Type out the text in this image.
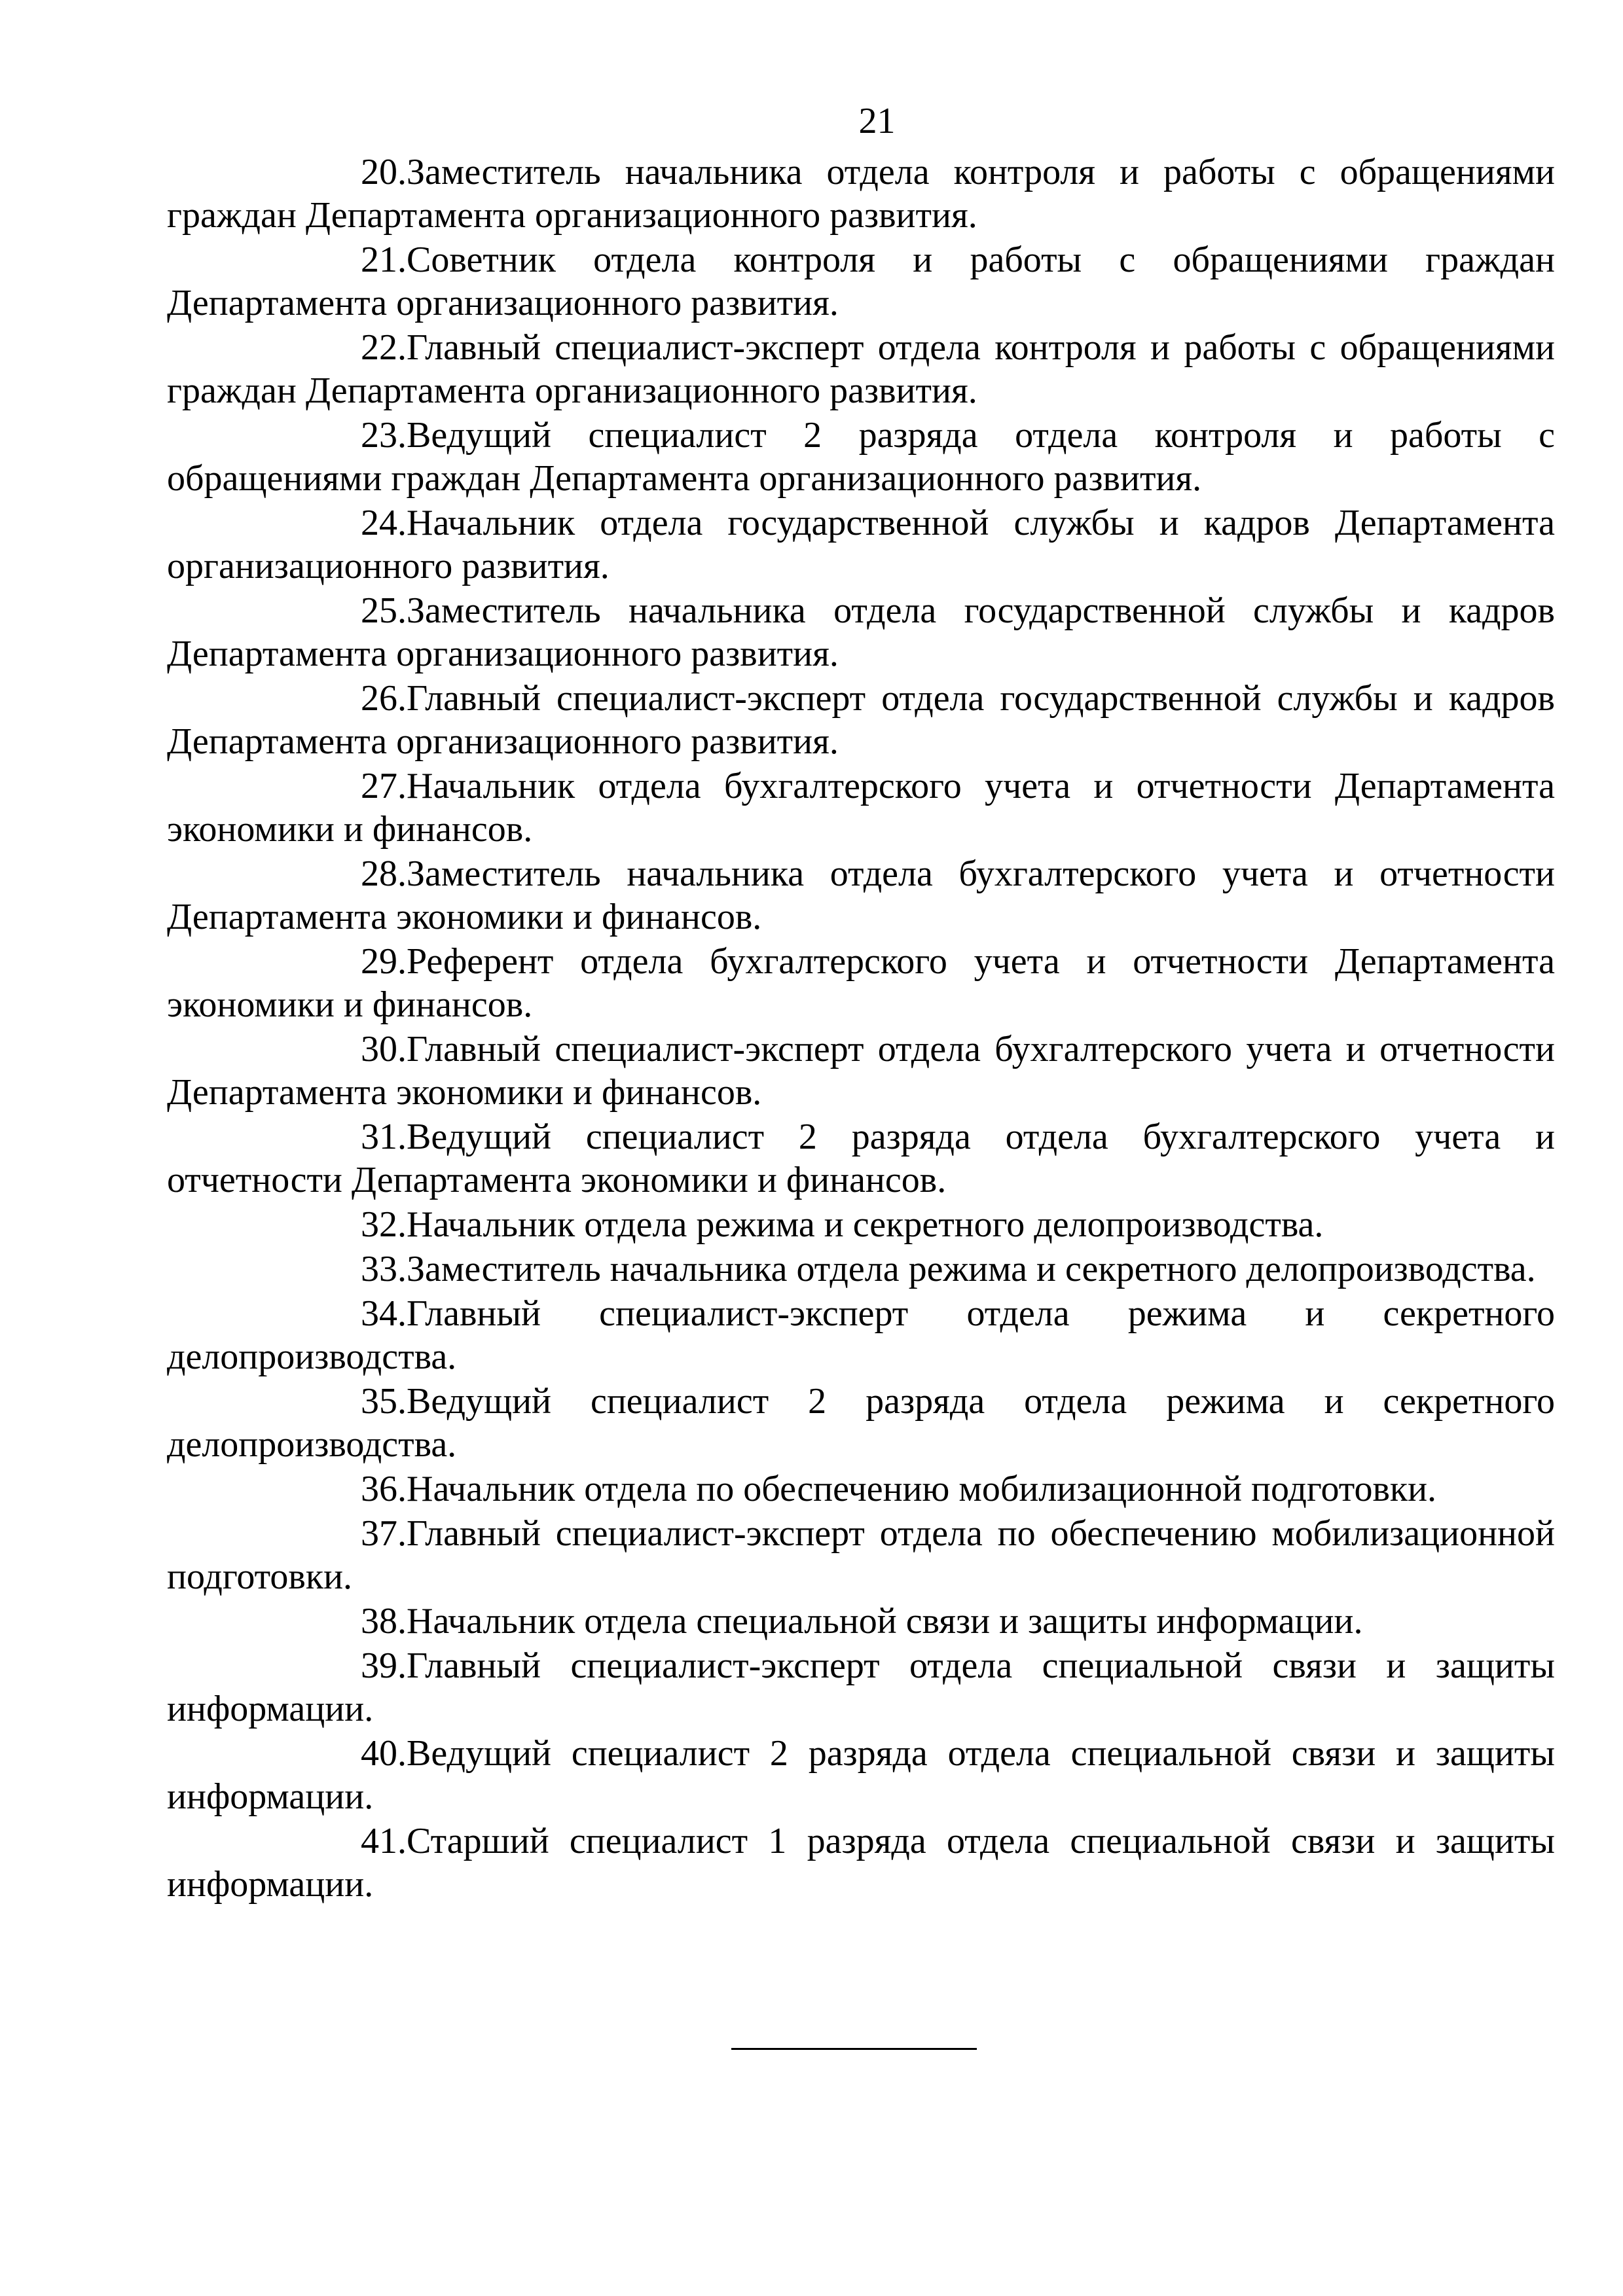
21

20.Заместитель начальника отдела контроля и работы с обращениями граждан Департамента организационного развития.

21.Советник отдела контроля и работы с обращениями граждан Департамента организационного развития.

22.Главный специалист-эксперт отдела контроля и работы с обращениями граждан Департамента организационного развития.

23.Ведущий специалист 2 разряда отдела контроля и работы с обращениями граждан Департамента организационного развития.

24.Начальник отдела государственной службы и кадров Департамента организационного развития.

25.Заместитель начальника отдела государственной службы и кадров Департамента организационного развития.

26.Главный специалист-эксперт отдела государственной службы и кадров Департамента организационного развития.

27.Начальник отдела бухгалтерского учета и отчетности Департамента экономики и финансов.

28.Заместитель начальника отдела бухгалтерского учета и отчетности Департамента экономики и финансов.

29.Референт отдела бухгалтерского учета и отчетности Департамента экономики и финансов.

30.Главный специалист-эксперт отдела бухгалтерского учета и отчетности Департамента экономики и финансов.

31.Ведущий специалист 2 разряда отдела бухгалтерского учета и отчетности Департамента экономики и финансов.

32.Начальник отдела режима и секретного делопроизводства.

33.Заместитель начальника отдела режима и секретного делопроизводства.

34.Главный специалист-эксперт отдела режима и секретного делопроизводства.

35.Ведущий специалист 2 разряда отдела режима и секретного делопроизводства.

36.Начальник отдела по обеспечению мобилизационной подготовки.

37.Главный специалист-эксперт отдела по обеспечению мобилизационной подготовки.

38.Начальник отдела специальной связи и защиты информации.

39.Главный специалист-эксперт отдела специальной связи и защиты информации.

40.Ведущий специалист 2 разряда отдела специальной связи и защиты информации.

41.Старший специалист 1 разряда отдела специальной связи и защиты информации.
